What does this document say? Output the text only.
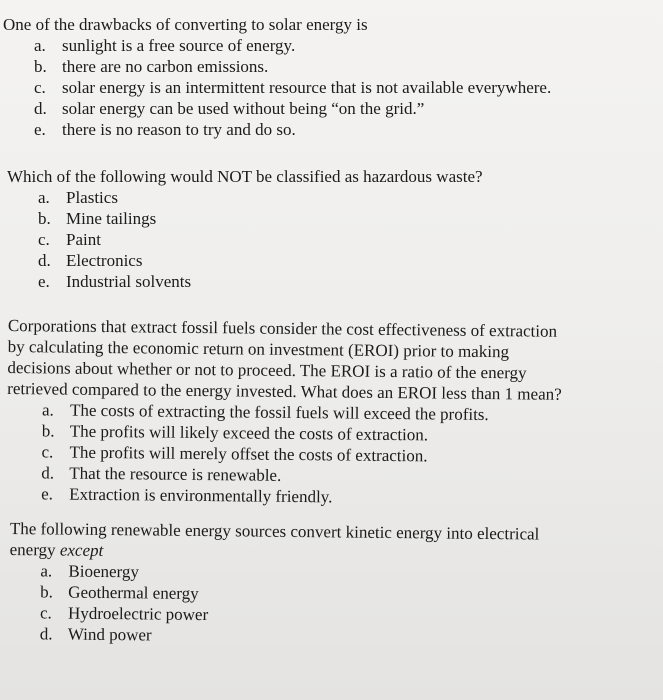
One of the drawbacks of converting to solar energy is
a. sunlight is a free source of energy.
b. there are no carbon emissions.
c. solar energy is an intermittent resource that is not available everywhere.
d. solar energy can be used without being “on the grid.”
e. there is no reason to try and do so.
Which of the following would NOT be classified as hazardous waste?
a. Plastics
b. Mine tailings
c. Paint
d. Electronics
e. Industrial solvents
Corporations that extract fossil fuels consider the cost effectiveness of extraction
by calculating the economic return on investment (EROI) prior to making
decisions about whether or not to proceed. The EROI is a ratio of the energy
retrieved compared to the energy invested. What does an EROI less than 1 mean?
a. The costs of extracting the fossil fuels will exceed the profits.
b. The profits will likely exceed the costs of extraction.
c. The profits will merely offset the costs of extraction.
d. That the resource is renewable.
e. Extraction is environmentally friendly.
The following renewable energy sources convert kinetic energy into electrical
energy except
a. Bioenergy
b. Geothermal energy
c. Hydroelectric power
d. Wind power
